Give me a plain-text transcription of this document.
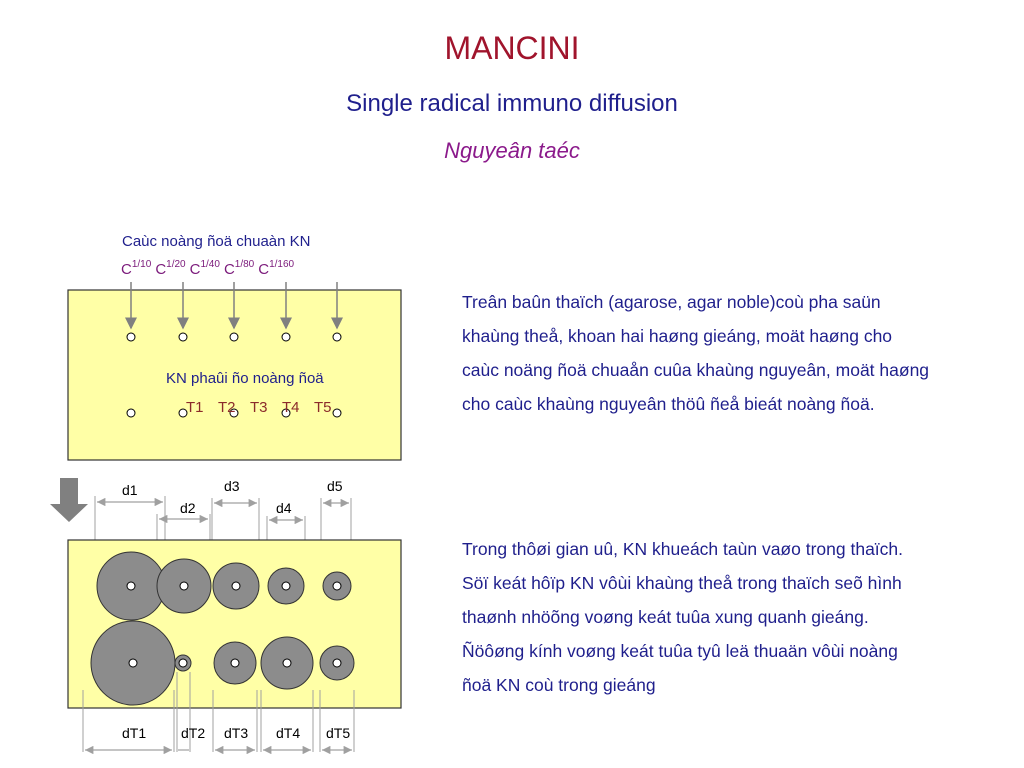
MANCINI
Single radical immuno diffusion
Nguyeân taéc
Caùc noàng ñoä chuaàn KN
$C^{1/10}$ $C^{1/20}$ $C^{1/40}$ $C^{1/80}$ $C^{1/160}$
KN phaûi ño noàng ñoä
T1 T2 T3 T4 T5
d1
d2
d3
d4
d5
dT1 dT2 dT3 dT4 dT5
Treân baûn thaïch (agarose, agar noble)coù pha saün
khaùng theå, khoan hai haøng gieáng, moät haøng cho
caùc noäng ñoä chuaån cuûa khaùng nguyeân, moät haøng
cho caùc khaùng nguyeân thöû ñeå bieát noàng ñoä.
Trong thôøi gian uû, KN khueách taùn vaøo trong thaïch.
Söï keát hôïp KN vôùi khaùng theå trong thaïch seõ hình
thaønh nhöõng voøng keát tuûa xung quanh gieáng.
Ñöôøng kính voøng keát tuûa tyû leä thuaän vôùi noàng
ñoä KN coù trong gieáng
